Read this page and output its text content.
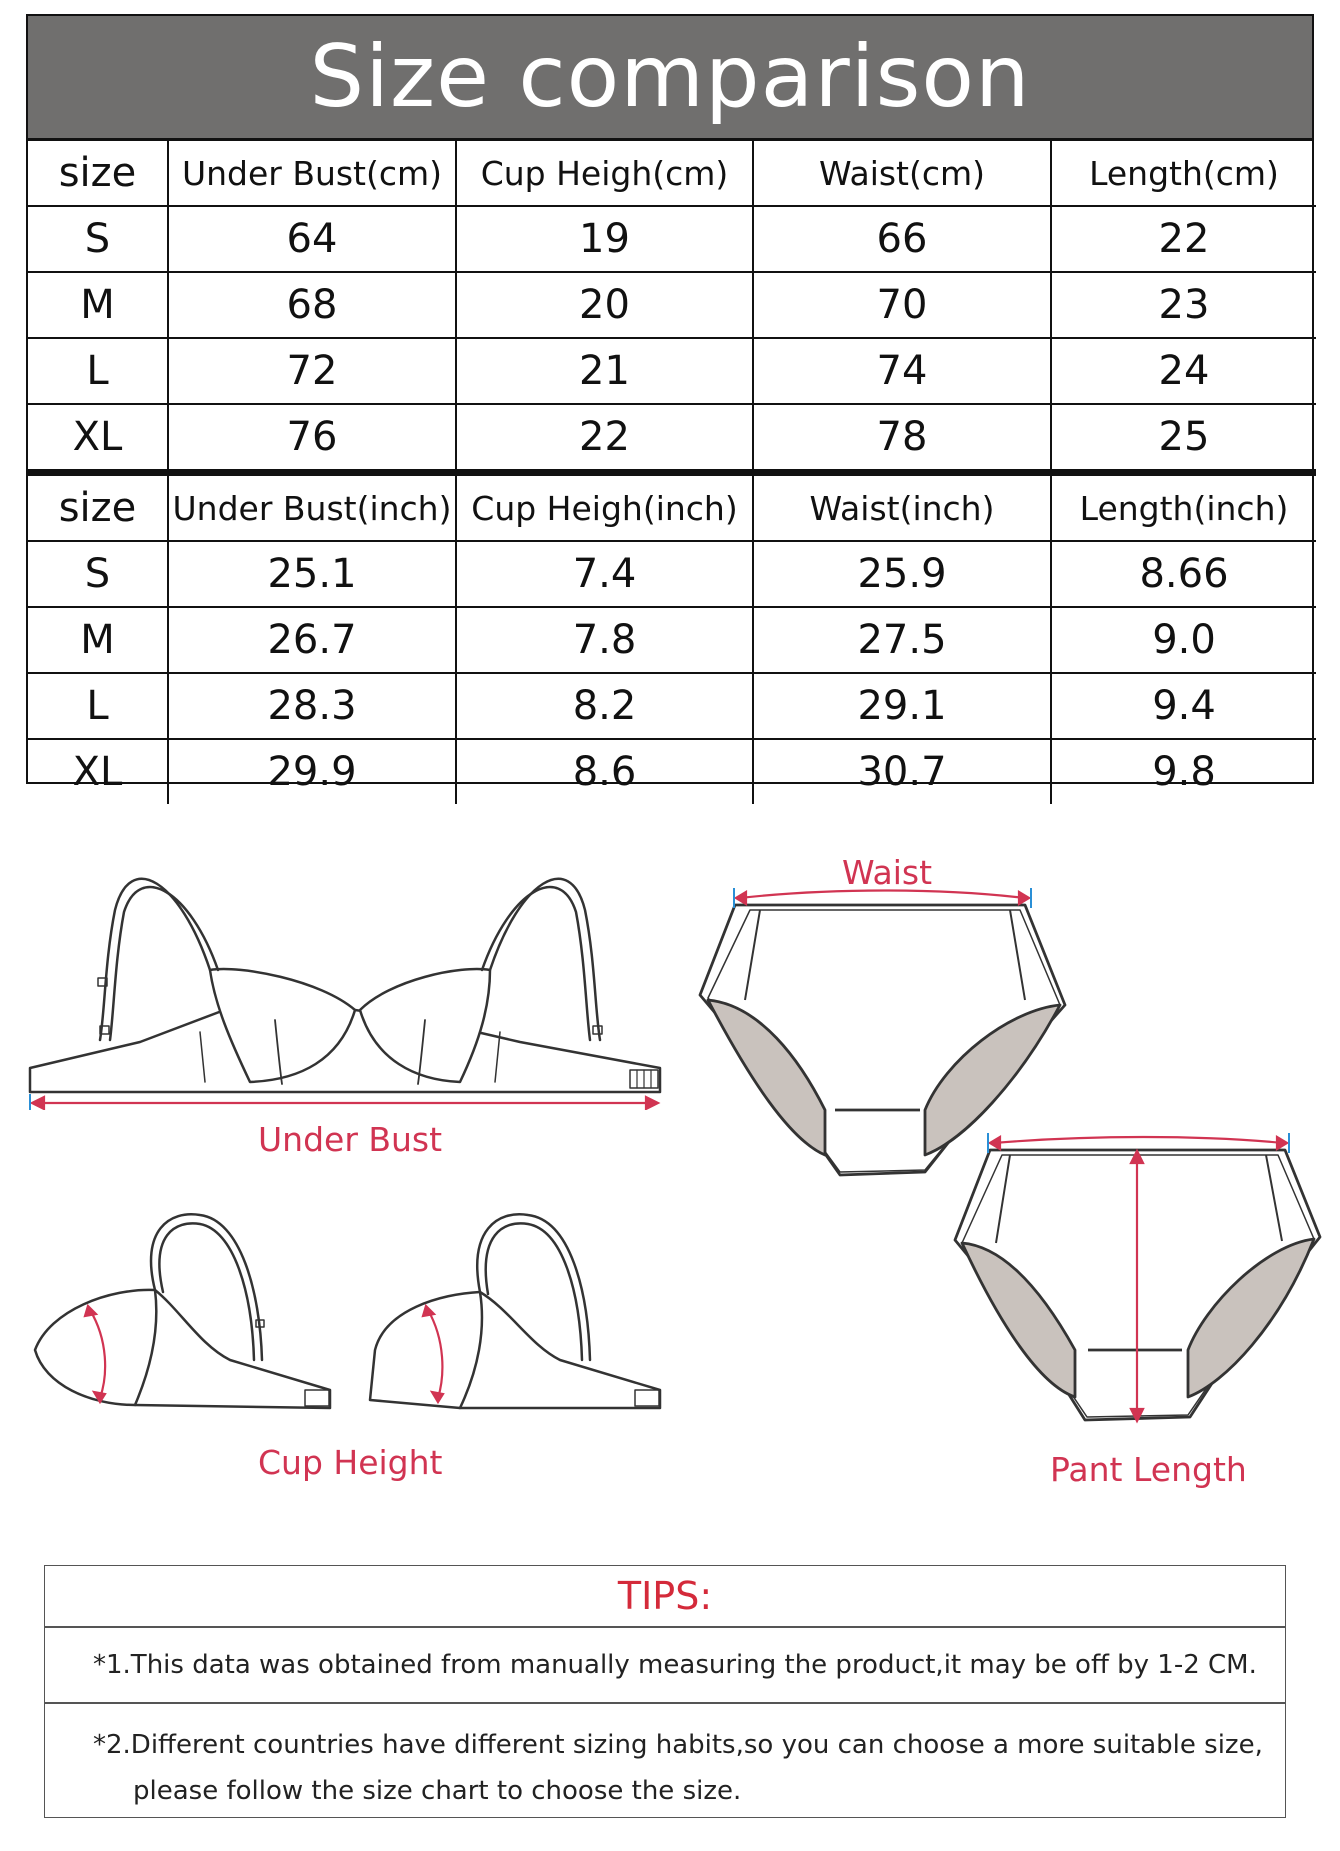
Size comparison
size	Under Bust(cm)	Cup Heigh(cm)	Waist(cm)	Length(cm)
S	64	19	66	22
M	68	20	70	23
L	72	21	74	24
XL	76	22	78	25
size	Under Bust(inch)	Cup Heigh(inch)	Waist(inch)	Length(inch)
S	25.1	7.4	25.9	8.66
M	26.7	7.8	27.5	9.0
L	28.3	8.2	29.1	9.4
XL	29.9	8.6	30.7	9.8
Under Bust
Cup Height
Waist
Pant Length
TIPS:
*1.This data was obtained from manually measuring the product,it may be off by 1-2 CM.
*2.Different countries have different sizing habits,so you can choose a more suitable size,
please follow the size chart to choose the size.
